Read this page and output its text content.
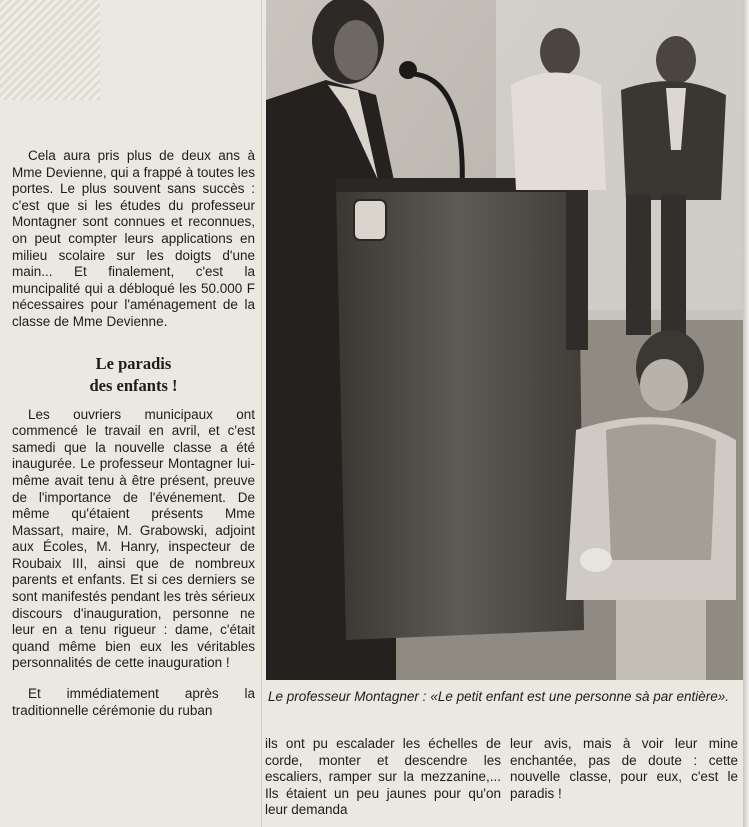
Cela aura pris plus de deux ans à Mme Devienne, qui a frappé à toutes les portes. Le plus souvent sans succès : c'est que si les études du professeur Montagner sont connues et reconnues, on peut compter leurs applications en milieu scolaire sur les doigts d'une main... Et finalement, c'est la muncipalité qui a débloqué les 50.000 F nécessaires pour l'aménagement de la classe de Mme Devienne.

Le paradis
des enfants !

Les ouvriers municipaux ont commencé le travail en avril, et c'est samedi que la nouvelle classe a été inaugurée. Le professeur Montagner lui-même avait tenu à être présent, preuve de l'importance de l'événement. De même qu'étaient présents Mme Massart, maire, M. Grabowski, adjoint aux Écoles, M. Hanry, inspecteur de Roubaix III, ainsi que de nombreux parents et enfants. Et si ces derniers se sont manifestés pendant les très sérieux discours d'inauguration, personne ne leur en a tenu rigueur : dame, c'était quand même bien eux les véritables personnalités de cette inauguration !

Et immédiatement après la traditionnelle cérémonie du ruban

Le professeur Montagner : «Le petit enfant est une personne sà par entière».

ils ont pu escalader les échelles de corde, monter et descendre les escaliers, ramper sur la mezzanine,... Ils étaient un peu jaunes pour qu'on leur demanda

leur avis, mais à voir leur mine enchantée, pas de doute : cette nouvelle classe, pour eux, c'est le paradis !
